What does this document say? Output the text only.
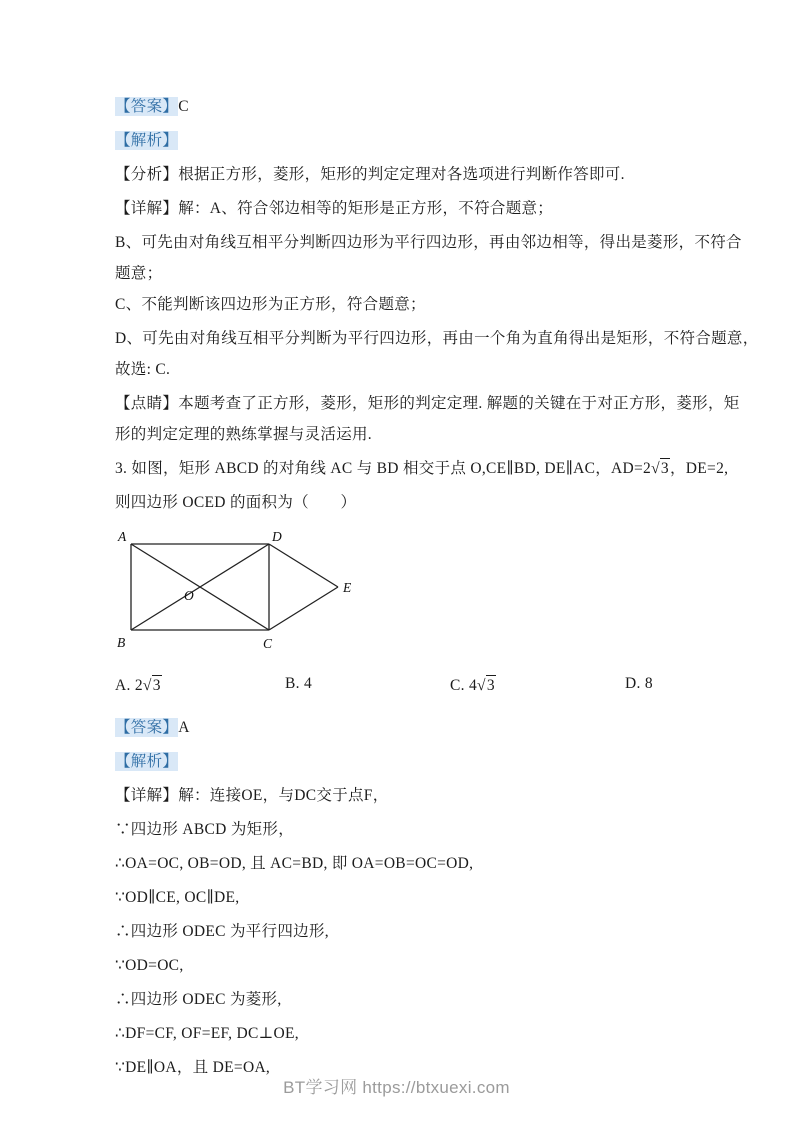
【答案】C
【解析】
【分析】根据正方形，菱形，矩形的判定定理对各选项进行判断作答即可.
【详解】解：A、符合邻边相等的矩形是正方形，不符合题意；
B、可先由对角线互相平分判断四边形为平行四边形，再由邻边相等，得出是菱形，不符合
题意；
C、不能判断该四边形为正方形，符合题意；
D、可先由对角线互相平分判断为平行四边形，再由一个角为直角得出是矩形，不符合题意，
故选: C.
【点睛】本题考查了正方形，菱形，矩形的判定定理. 解题的关键在于对正方形，菱形，矩
形的判定定理的熟练掌握与灵活运用.
3. 如图，矩形 ABCD 的对角线 AC 与 BD 相交于点 O,CE∥BD, DE∥AC，AD=2√3，DE=2,
则四边形 OCED 的面积为（　　）
A	D
E
B	C
O
A. 2√3	B. 4	C. 4√3	D. 8
【答案】A
【解析】
【详解】解：连接OE，与DC交于点F，
∵四边形 ABCD 为矩形，
∴OA=OC, OB=OD, 且 AC=BD, 即 OA=OB=OC=OD,
∵OD∥CE, OC∥DE,
∴四边形 ODEC 为平行四边形,
∵OD=OC,
∴四边形 ODEC 为菱形,
∴DF=CF, OF=EF, DC⊥OE,
∵DE∥OA，且 DE=OA,
BT学习网 https://btxuexi.com
